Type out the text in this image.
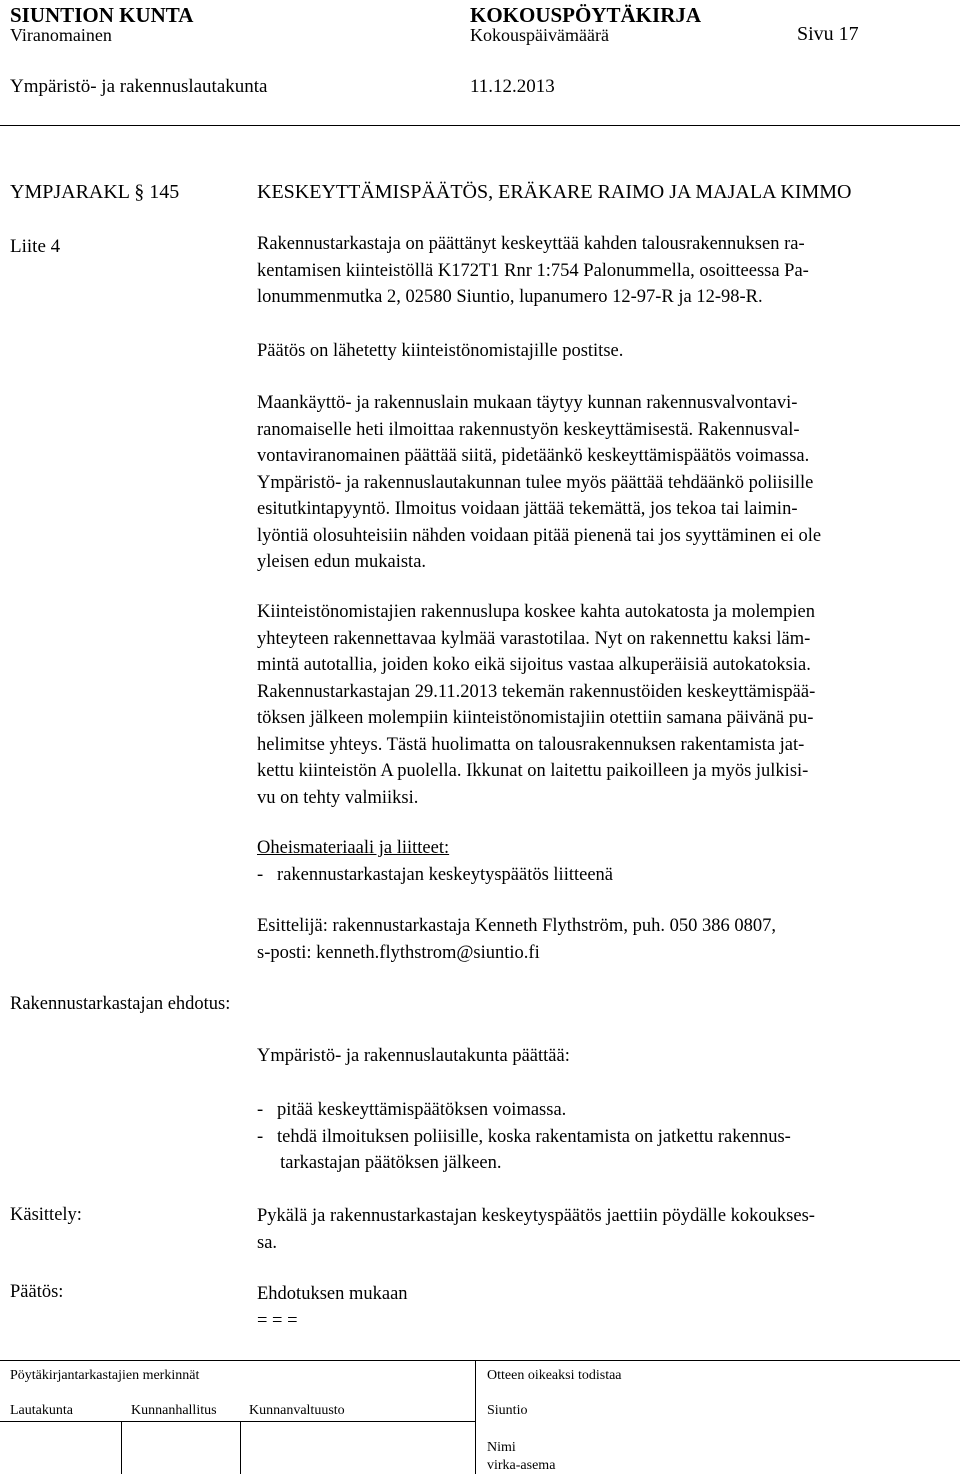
SIUNTION KUNTA	KOKOUSPÖYTÄKIRJA
Viranomainen	Kokouspäivämäärä	Sivu 17
Ympäristö- ja rakennuslautakunta	11.12.2013
YMPJARAKL § 145	KESKEYTTÄMISPÄÄTÖS, ERÄKARE RAIMO JA MAJALA KIMMO
Liite 4	Rakennustarkastaja on päättänyt keskeyttää kahden talousrakennuksen ra-

kentamisen kiinteistöllä K172T1 Rnr 1:754 Palonummella, osoitteessa Pa-

lonummenmutka 2, 02580 Siuntio, lupanumero 12-97-R ja 12-98-R.

Päätös on lähetetty kiinteistönomistajille postitse.

Maankäyttö- ja rakennuslain mukaan täytyy kunnan rakennusvalvontavi-

ranomaiselle heti ilmoittaa rakennustyön keskeyttämisestä. Rakennusval-

vontaviranomainen päättää siitä, pidetäänkö keskeyttämispäätös voimassa.

Ympäristö- ja rakennuslautakunnan tulee myös päättää tehdäänkö poliisille

esitutkintapyyntö. Ilmoitus voidaan jättää tekemättä, jos tekoa tai laimin-

lyöntiä olosuhteisiin nähden voidaan pitää pienenä tai jos syyttäminen ei ole

yleisen edun mukaista.

Kiinteistönomistajien rakennuslupa koskee kahta autokatosta ja molempien

yhteyteen rakennettavaa kylmää varastotilaa. Nyt on rakennettu kaksi läm-

mintä autotallia, joiden koko eikä sijoitus vastaa alkuperäisiä autokatoksia.

Rakennustarkastajan 29.11.2013 tekemän rakennustöiden keskeyttämispää-

töksen jälkeen molempiin kiinteistönomistajiin otettiin samana päivänä pu-

helimitse yhteys. Tästä huolimatta on talousrakennuksen rakentamista jat-

kettu kiinteistön A puolella. Ikkunat on laitettu paikoilleen ja myös julkisi-

vu on tehty valmiiksi.

Oheismateriaali ja liitteet:

-   rakennustarkastajan keskeytyspäätös liitteenä

Esittelijä: rakennustarkastaja Kenneth Flythström, puh. 050 386 0807,

s-posti: kenneth.flythstrom@siuntio.fi

Rakennustarkastajan ehdotus:

Ympäristö- ja rakennuslautakunta päättää:

-   pitää keskeyttämispäätöksen voimassa.

-   tehdä ilmoituksen poliisille, koska rakentamista on jatkettu rakennus-

tarkastajan päätöksen jälkeen.

Käsittely:	Pykälä ja rakennustarkastajan keskeytyspäätös jaettiin pöydälle kokoukses-

sa.

Päätös:	Ehdotuksen mukaan

= = =

Pöytäkirjantarkastajien merkinnät	Otteen oikeaksi todistaa
Lautakunta	Kunnanhallitus Kunnanvaltuusto	Siuntio
Nimi
virka-asema
